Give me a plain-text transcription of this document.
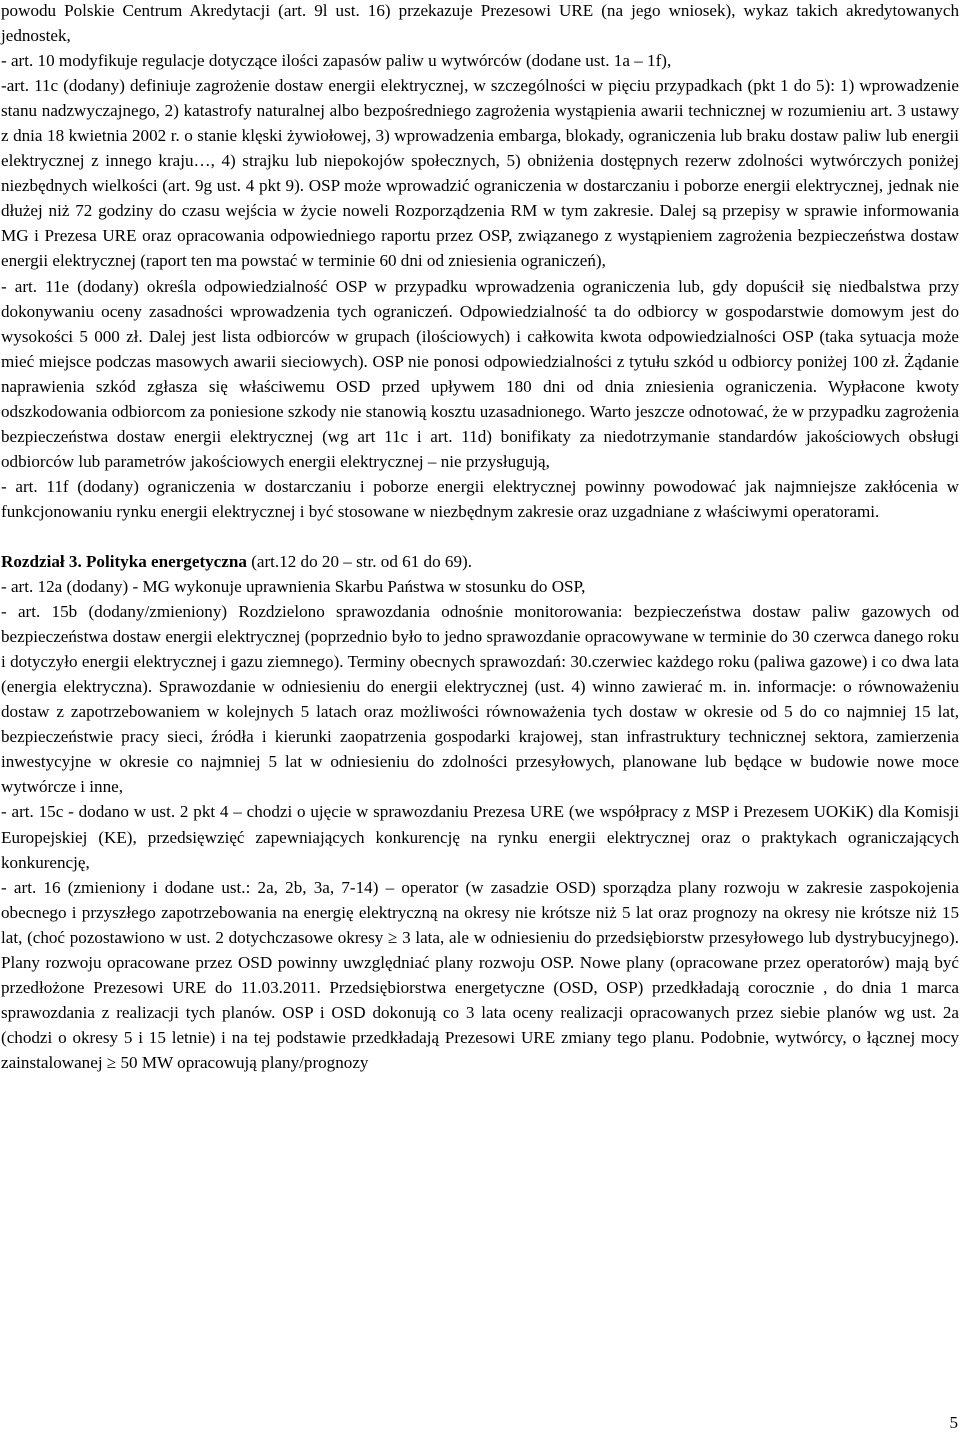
powodu Polskie Centrum Akredytacji (art. 9l ust. 16) przekazuje Prezesowi URE (na jego wniosek), wykaz takich akredytowanych jednostek,

- art. 10 modyfikuje regulacje dotyczące ilości zapasów paliw u wytwórców (dodane ust. 1a – 1f),

-art. 11c (dodany) definiuje zagrożenie dostaw energii elektrycznej, w szczególności w pięciu przypadkach (pkt 1 do 5): 1) wprowadzenie stanu nadzwyczajnego, 2) katastrofy naturalnej albo bezpośredniego zagrożenia wystąpienia awarii technicznej w rozumieniu art. 3 ustawy z dnia 18 kwietnia 2002 r. o stanie klęski żywiołowej, 3) wprowadzenia embarga, blokady, ograniczenia lub braku dostaw paliw lub energii elektrycznej z innego kraju…, 4) strajku lub niepokojów społecznych, 5) obniżenia dostępnych rezerw zdolności wytwórczych poniżej niezbędnych wielkości (art. 9g ust. 4 pkt 9). OSP może wprowadzić ograniczenia w dostarczaniu i poborze energii elektrycznej, jednak nie dłużej niż 72 godziny do czasu wejścia w życie noweli Rozporządzenia RM w tym zakresie. Dalej są przepisy w sprawie informowania MG i Prezesa URE oraz opracowania odpowiedniego raportu przez OSP, związanego z wystąpieniem zagrożenia bezpieczeństwa dostaw energii elektrycznej (raport ten ma powstać w terminie 60 dni od zniesienia ograniczeń),

- art. 11e (dodany) określa odpowiedzialność OSP w przypadku wprowadzenia ograniczenia lub, gdy dopuścił się niedbalstwa przy dokonywaniu oceny zasadności wprowadzenia tych ograniczeń. Odpowiedzialność ta do odbiorcy w gospodarstwie domowym jest do wysokości 5 000 zł. Dalej jest lista odbiorców w grupach (ilościowych) i całkowita kwota odpowiedzialności OSP (taka sytuacja może mieć miejsce podczas masowych awarii sieciowych). OSP nie ponosi odpowiedzialności z tytułu szkód u odbiorcy poniżej 100 zł. Żądanie naprawienia szkód zgłasza się właściwemu OSD przed upływem 180 dni od dnia zniesienia ograniczenia. Wypłacone kwoty odszkodowania odbiorcom za poniesione szkody nie stanowią kosztu uzasadnionego. Warto jeszcze odnotować, że w przypadku zagrożenia bezpieczeństwa dostaw energii elektrycznej (wg art 11c i art. 11d) bonifikaty za niedotrzymanie standardów jakościowych obsługi odbiorców lub parametrów jakościowych energii elektrycznej – nie przysługują,

- art. 11f (dodany) ograniczenia w dostarczaniu i poborze energii elektrycznej powinny powodować jak najmniejsze zakłócenia w funkcjonowaniu rynku energii elektrycznej i być stosowane w niezbędnym zakresie oraz uzgadniane z właściwymi operatorami.

Rozdział 3. Polityka energetyczna (art.12 do 20 – str. od 61 do 69).

- art. 12a (dodany) - MG wykonuje uprawnienia Skarbu Państwa w stosunku do OSP,

- art. 15b (dodany/zmieniony) Rozdzielono sprawozdania odnośnie monitorowania: bezpieczeństwa dostaw paliw gazowych od bezpieczeństwa dostaw energii elektrycznej (poprzednio było to jedno sprawozdanie opracowywane w terminie do 30 czerwca danego roku i dotyczyło energii elektrycznej i gazu ziemnego). Terminy obecnych sprawozdań: 30.czerwiec każdego roku (paliwa gazowe) i co dwa lata (energia elektryczna). Sprawozdanie w odniesieniu do energii elektrycznej (ust. 4) winno zawierać m. in. informacje: o równoważeniu dostaw z zapotrzebowaniem w kolejnych 5 latach oraz możliwości równoważenia tych dostaw w okresie od 5 do co najmniej 15 lat, bezpieczeństwie pracy sieci, źródła i kierunki zaopatrzenia gospodarki krajowej, stan infrastruktury technicznej sektora, zamierzenia inwestycyjne w okresie co najmniej 5 lat w odniesieniu do zdolności przesyłowych, planowane lub będące w budowie nowe moce wytwórcze i inne,

- art. 15c - dodano w ust. 2 pkt 4 – chodzi o ujęcie w sprawozdaniu Prezesa URE (we współpracy z MSP i Prezesem UOKiK) dla Komisji Europejskiej (KE), przedsięwzięć zapewniających konkurencję na rynku energii elektrycznej oraz o praktykach ograniczających konkurencję,

- art. 16 (zmieniony i dodane ust.: 2a, 2b, 3a, 7-14) – operator (w zasadzie OSD) sporządza plany rozwoju w zakresie zaspokojenia obecnego i przyszłego zapotrzebowania na energię elektryczną na okresy nie krótsze niż 5 lat oraz prognozy na okresy nie krótsze niż 15 lat, (choć pozostawiono w ust. 2 dotychczasowe okresy ≥ 3 lata, ale w odniesieniu do przedsiębiorstw przesyłowego lub dystrybucyjnego). Plany rozwoju opracowane przez OSD powinny uwzględniać plany rozwoju OSP. Nowe plany (opracowane przez operatorów) mają być przedłożone Prezesowi URE do 11.03.2011. Przedsiębiorstwa energetyczne (OSD, OSP) przedkładają corocznie , do dnia 1 marca sprawozdania z realizacji tych planów. OSP i OSD dokonują co 3 lata oceny realizacji opracowanych przez siebie planów wg ust. 2a (chodzi o okresy 5 i 15 letnie) i na tej podstawie przedkładają Prezesowi URE zmiany tego planu. Podobnie, wytwórcy, o łącznej mocy zainstalowanej ≥ 50 MW opracowują plany/prognozy

5
